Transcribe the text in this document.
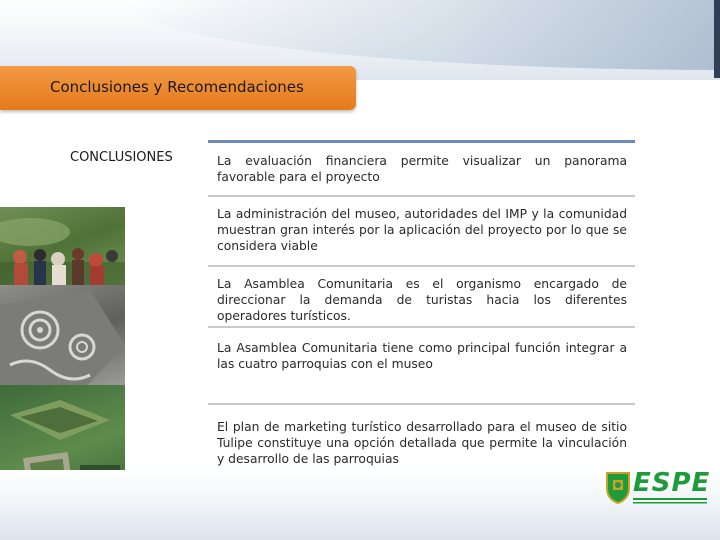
Conclusiones y Recomendaciones
CONCLUSIONES	La evaluación financiera permite visualizar un panorama favorable para el proyecto
La administración del museo, autoridades del IMP y la comunidad muestran gran interés por la aplicación del proyecto por lo que se considera viable
La Asamblea Comunitaria es el organismo encargado de direccionar la demanda de turistas hacia los diferentes operadores turísticos.
La Asamblea Comunitaria tiene como principal función integrar a las cuatro parroquias con el museo
El plan de marketing turístico desarrollado para el museo de sitio Tulipe constituye una opción detallada que permite la vinculación y desarrollo de las parroquias
ESPE
